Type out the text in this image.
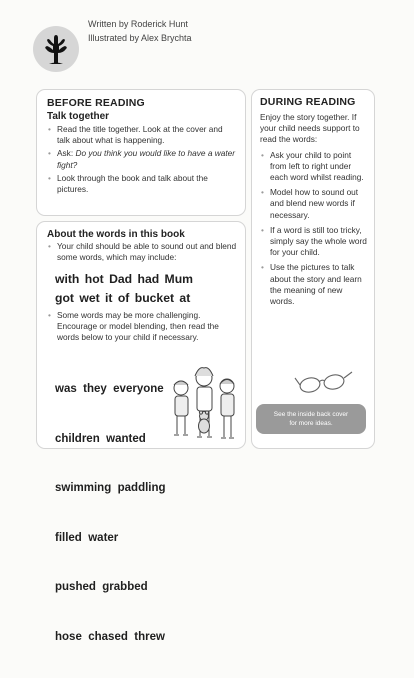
Written by Roderick Hunt
Illustrated by Alex Brychta
BEFORE READING
Talk together
• Read the title together. Look at the cover and talk about what is happening.
• Ask: Do you think you would like to have a water fight?
• Look through the book and talk about the pictures.
About the words in this book
• Your child should be able to sound out and blend some words, which may include:
with hot Dad had Mum
got wet it of bucket at
• Some words may be more challenging. Encourage or model blending, then read the words below to your child if necessary.

was  they  everyone

children  wanted

swimming  paddling

filled  water

pushed  grabbed

hose  chased  threw

DURING READING
Enjoy the story together. If your child needs support to read the words:
• Ask your child to point from left to right under each word whilst reading.
• Model how to sound out and blend new words if necessary.
• If a word is still too tricky, simply say the whole word for your child.
• Use the pictures to talk about the story and learn the meaning of new words.
See the inside back cover
for more ideas.
